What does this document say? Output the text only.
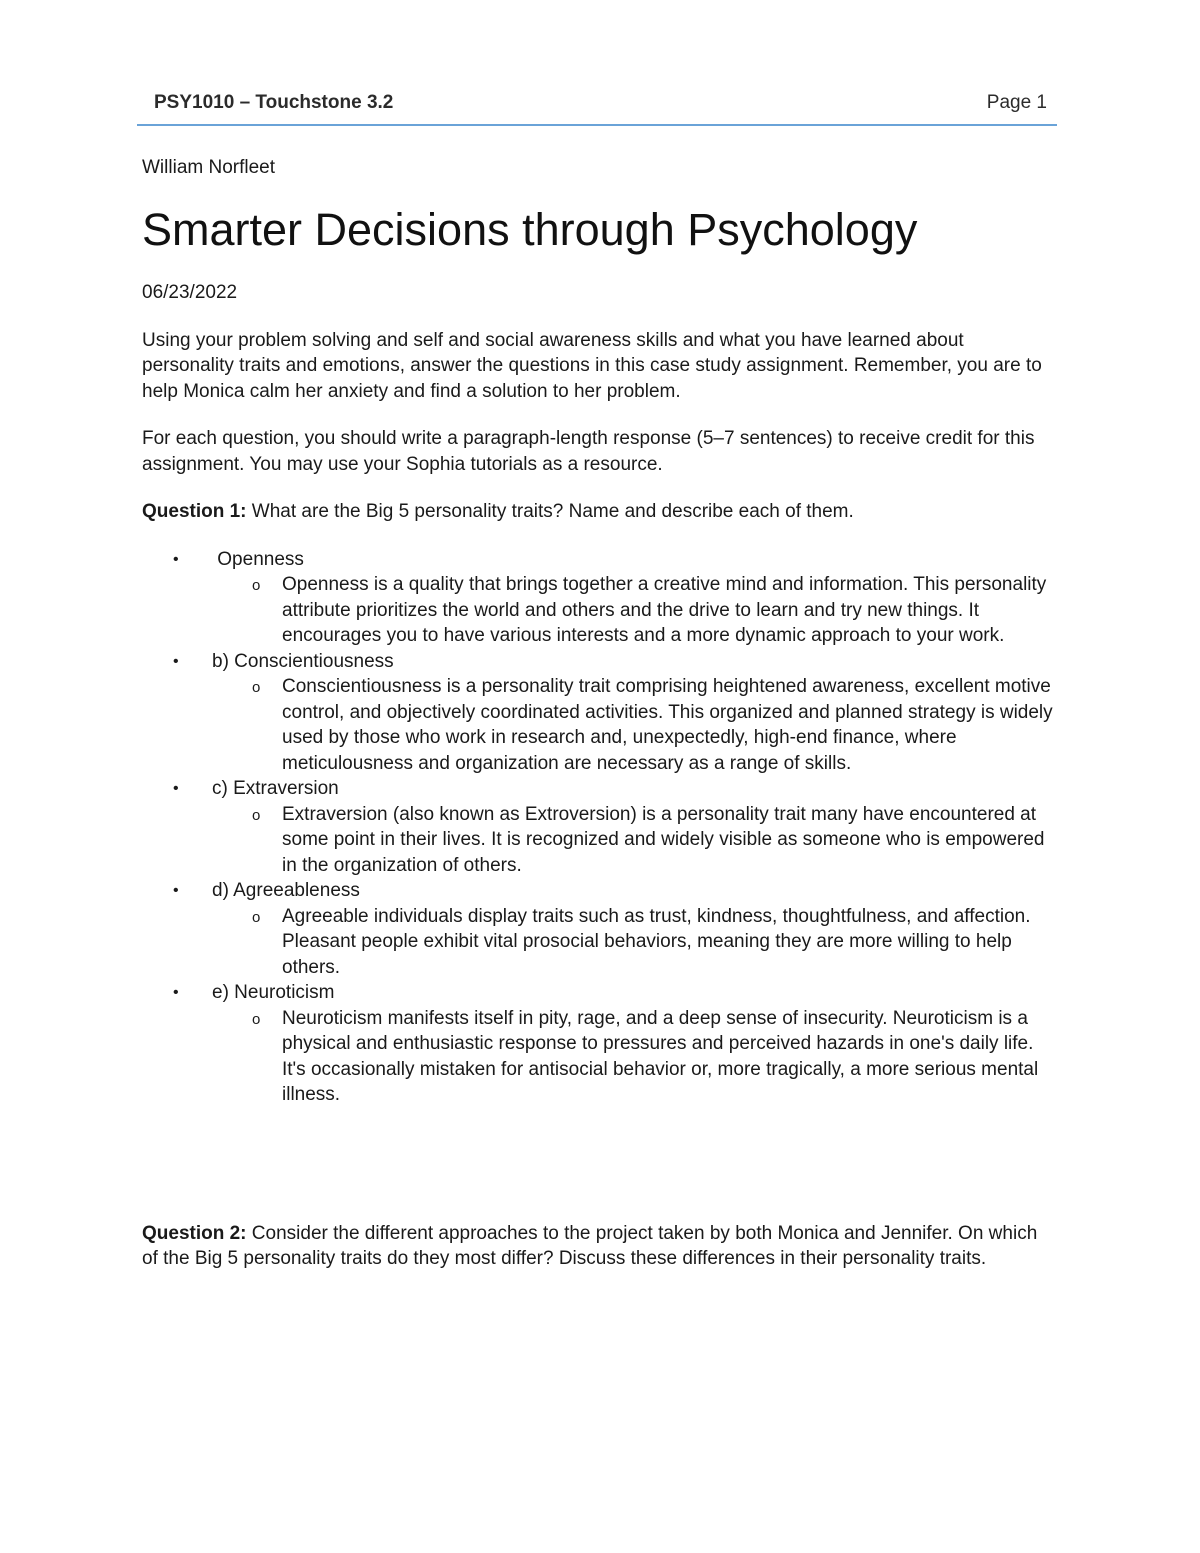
PSY1010 – Touchstone 3.2	Page 1

William Norfleet

Smarter Decisions through Psychology

06/23/2022

Using your problem solving and self and social awareness skills and what you have learned about personality traits and emotions, answer the questions in this case study assignment. Remember, you are to help Monica calm her anxiety and find a solution to her problem.

For each question, you should write a paragraph-length response (5–7 sentences) to receive credit for this assignment. You may use your Sophia tutorials as a resource.

Question 1: What are the Big 5 personality traits? Name and describe each of them.

• Openness
o Openness is a quality that brings together a creative mind and information. This personality attribute prioritizes the world and others and the drive to learn and try new things. It encourages you to have various interests and a more dynamic approach to your work.
• b) Conscientiousness
o Conscientiousness is a personality trait comprising heightened awareness, excellent motive control, and objectively coordinated activities. This organized and planned strategy is widely used by those who work in research and, unexpectedly, high-end finance, where meticulousness and organization are necessary as a range of skills.
• c) Extraversion
o Extraversion (also known as Extroversion) is a personality trait many have encountered at some point in their lives. It is recognized and widely visible as someone who is empowered in the organization of others.
• d) Agreeableness
o Agreeable individuals display traits such as trust, kindness, thoughtfulness, and affection. Pleasant people exhibit vital prosocial behaviors, meaning they are more willing to help others.
• e) Neuroticism
o Neuroticism manifests itself in pity, rage, and a deep sense of insecurity. Neuroticism is a physical and enthusiastic response to pressures and perceived hazards in one's daily life. It's occasionally mistaken for antisocial behavior or, more tragically, a more serious mental illness.

Question 2: Consider the different approaches to the project taken by both Monica and Jennifer. On which of the Big 5 personality traits do they most differ? Discuss these differences in their personality traits.
